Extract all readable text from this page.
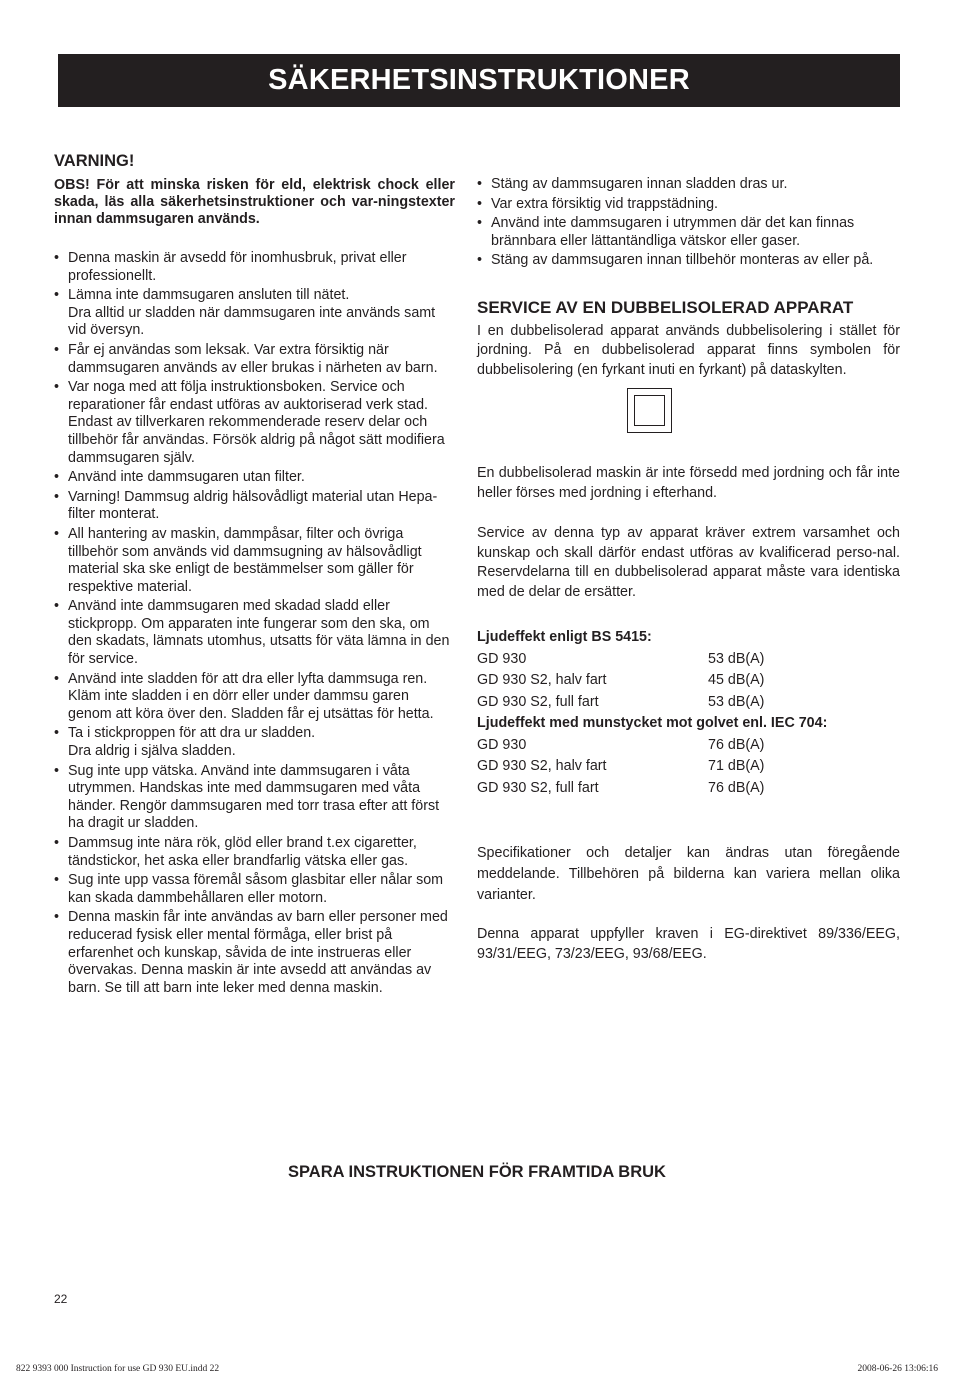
SÄKERHETSINSTRUKTIONER
VARNING!

OBS! För att minska risken för eld, elektrisk chock eller skada, läs alla säkerhetsinstruktioner och var-ningstexter innan dammsugaren används.

• Denna maskin är avsedd för inomhusbruk, privat eller professionellt.
• Lämna inte dammsugaren ansluten till nätet.
Dra alltid ur sladden när dammsugaren inte används samt vid översyn.
• Får ej användas som leksak. Var extra försiktig när dammsugaren används av eller brukas i närheten av barn.
• Var noga med att följa instruktionsboken. Service och reparationer får endast utföras av auktoriserad verk stad. Endast av tillverkaren rekommenderade reserv delar och tillbehör får användas. Försök aldrig på något sätt modifiera dammsugaren själv.
• Använd inte dammsugaren utan filter.
• Varning! Dammsug aldrig hälsovådligt material utan Hepa-filter monterat.
• All hantering av maskin, dammpåsar, filter och övriga tillbehör som används vid dammsugning av hälsovådligt material ska ske enligt de bestämmelser som gäller för respektive material.
• Använd inte dammsugaren med skadad sladd eller stickpropp. Om apparaten inte fungerar som den ska, om den skadats, lämnats utomhus, utsatts för väta lämna in den för service.
• Använd inte sladden för att dra eller lyfta dammsuga ren. Kläm inte sladden i en dörr eller under dammsu garen genom att köra över den. Sladden får ej utsättas för hetta.
• Ta i stickproppen för att dra ur sladden.
Dra aldrig i själva sladden.
• Sug inte upp vätska. Använd inte dammsugaren i våta utrymmen. Handskas inte med dammsugaren med våta händer. Rengör dammsugaren med torr trasa efter att först ha dragit ur sladden.
• Dammsug inte nära rök, glöd eller brand t.ex cigaretter, tändstickor, het aska eller brandfarlig vätska eller gas.
• Sug inte upp vassa föremål såsom glasbitar eller nålar som kan skada dammbehållaren eller motorn.
• Denna maskin får inte användas av barn eller personer med reducerad fysisk eller mental förmåga, eller brist på erfarenhet och kunskap, såvida de inte instrueras eller övervakas. Denna maskin är inte avsedd att användas av barn. Se till att barn inte leker med denna maskin.
• Stäng av dammsugaren innan sladden dras ur.
• Var extra försiktig vid trappstädning.
• Använd inte dammsugaren i utrymmen där det kan finnas brännbara eller lättantändliga vätskor eller gaser.
• Stäng av dammsugaren innan tillbehör monteras av eller på.
SERVICE AV EN DUBBELISOLERAD APPARAT

I en dubbelisolerad apparat används dubbelisolering i stället för jordning. På en dubbelisolerad apparat finns symbolen för dubbelisolering (en fyrkant inuti en fyrkant) på dataskylten.

En dubbelisolerad maskin är inte försedd med jordning och får inte heller förses med jordning i efterhand.

Service av denna typ av apparat kräver extrem varsamhet och kunskap och skall därför endast utföras av kvalificerad perso-nal. Reservdelarna till en dubbelisolerad apparat måste vara identiska med de delar de ersätter.

Ljudeffekt enligt BS 5415:
GD 930	53 dB(A)
GD 930 S2, halv fart	45 dB(A)
GD 930 S2, full fart	53 dB(A)
Ljudeffekt med munstycket mot golvet enl. IEC 704:
GD 930	76 dB(A)
GD 930 S2, halv fart	71 dB(A)
GD 930 S2, full fart	76 dB(A)

Specifikationer och detaljer kan ändras utan föregående meddelande. Tillbehören på bilderna kan variera mellan olika varianter.

Denna apparat uppfyller kraven i EG-direktivet 89/336/EEG, 93/31/EEG, 73/23/EEG, 93/68/EEG.

SPARA INSTRUKTIONEN FÖR FRAMTIDA BRUK
22
822 9393 000 Instruction for use GD 930 EU.indd 22	2008-06-26 13:06:16
